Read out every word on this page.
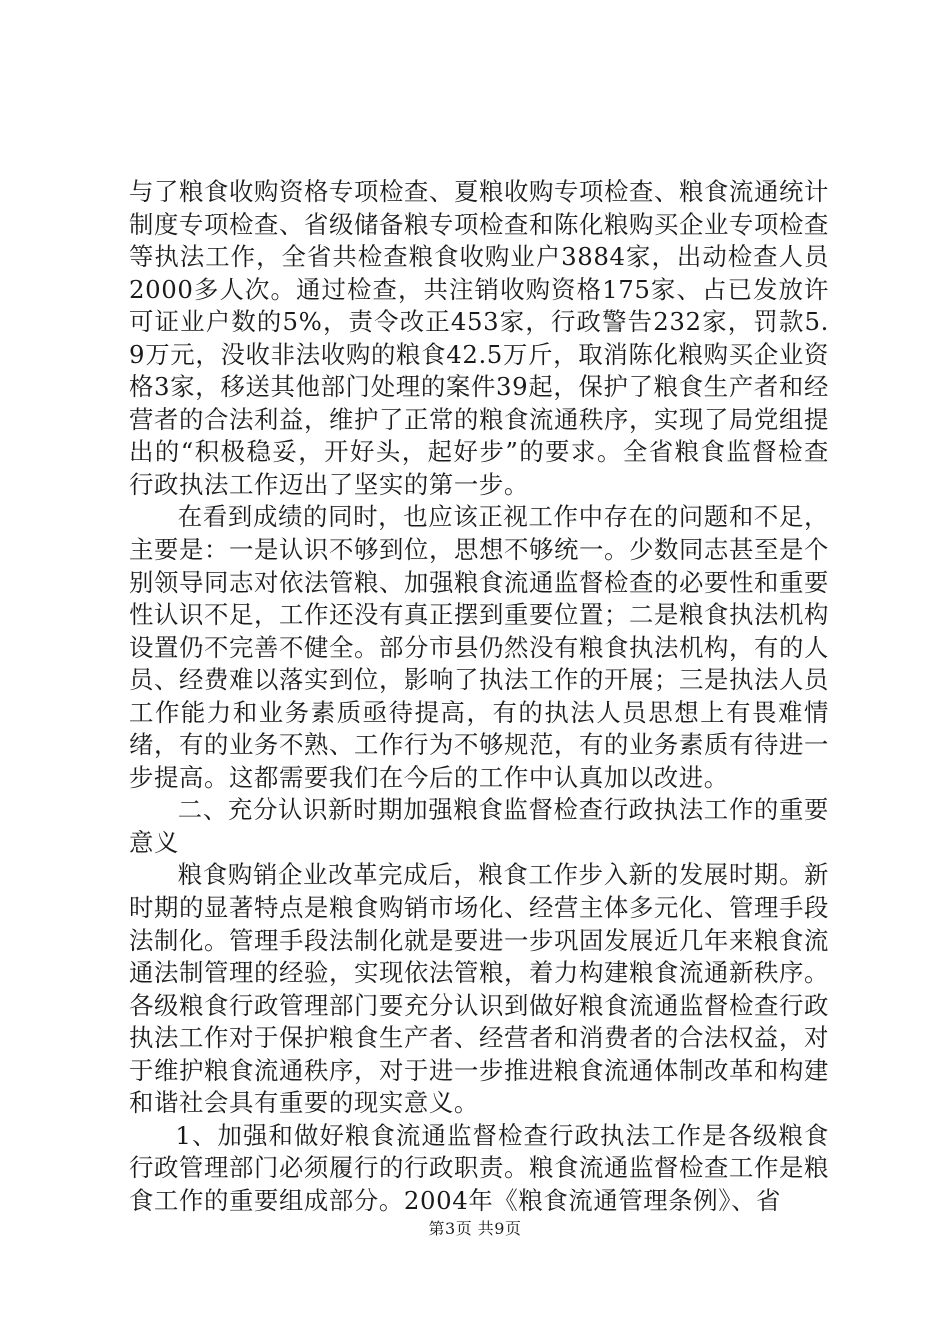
与了粮食收购资格专项检查、夏粮收购专项检查、粮食流通统计制度专项检查、省级储备粮专项检查和陈化粮购买企业专项检查等执法工作，全省共检查粮食收购业户3884家，出动检查人员2000多人次。通过检查，共注销收购资格175家、占已发放许可证业户数的5%，责令改正453家，行政警告232家，罚款5.9万元，没收非法收购的粮食42.5万斤，取消陈化粮购买企业资格3家，移送其他部门处理的案件39起，保护了粮食生产者和经营者的合法利益，维护了正常的粮食流通秩序，实现了局党组提出的“积极稳妥，开好头，起好步”的要求。全省粮食监督检查行政执法工作迈出了坚实的第一步。

在看到成绩的同时，也应该正视工作中存在的问题和不足，主要是：一是认识不够到位，思想不够统一。少数同志甚至是个别领导同志对依法管粮、加强粮食流通监督检查的必要性和重要性认识不足，工作还没有真正摆到重要位置；二是粮食执法机构设置仍不完善不健全。部分市县仍然没有粮食执法机构，有的人员、经费难以落实到位，影响了执法工作的开展；三是执法人员工作能力和业务素质亟待提高，有的执法人员思想上有畏难情绪，有的业务不熟、工作行为不够规范，有的业务素质有待进一步提高。这都需要我们在今后的工作中认真加以改进。

二、充分认识新时期加强粮食监督检查行政执法工作的重要意义

粮食购销企业改革完成后，粮食工作步入新的发展时期。新时期的显著特点是粮食购销市场化、经营主体多元化、管理手段法制化。管理手段法制化就是要进一步巩固发展近几年来粮食流通法制管理的经验，实现依法管粮，着力构建粮食流通新秩序。各级粮食行政管理部门要充分认识到做好粮食流通监督检查行政执法工作对于保护粮食生产者、经营者和消费者的合法权益，对于维护粮食流通秩序，对于进一步推进粮食流通体制改革和构建和谐社会具有重要的现实意义。

1、加强和做好粮食流通监督检查行政执法工作是各级粮食行政管理部门必须履行的行政职责。粮食流通监督检查工作是粮食工作的重要组成部分。2004年《粮食流通管理条例》、省

第3页 共9页
